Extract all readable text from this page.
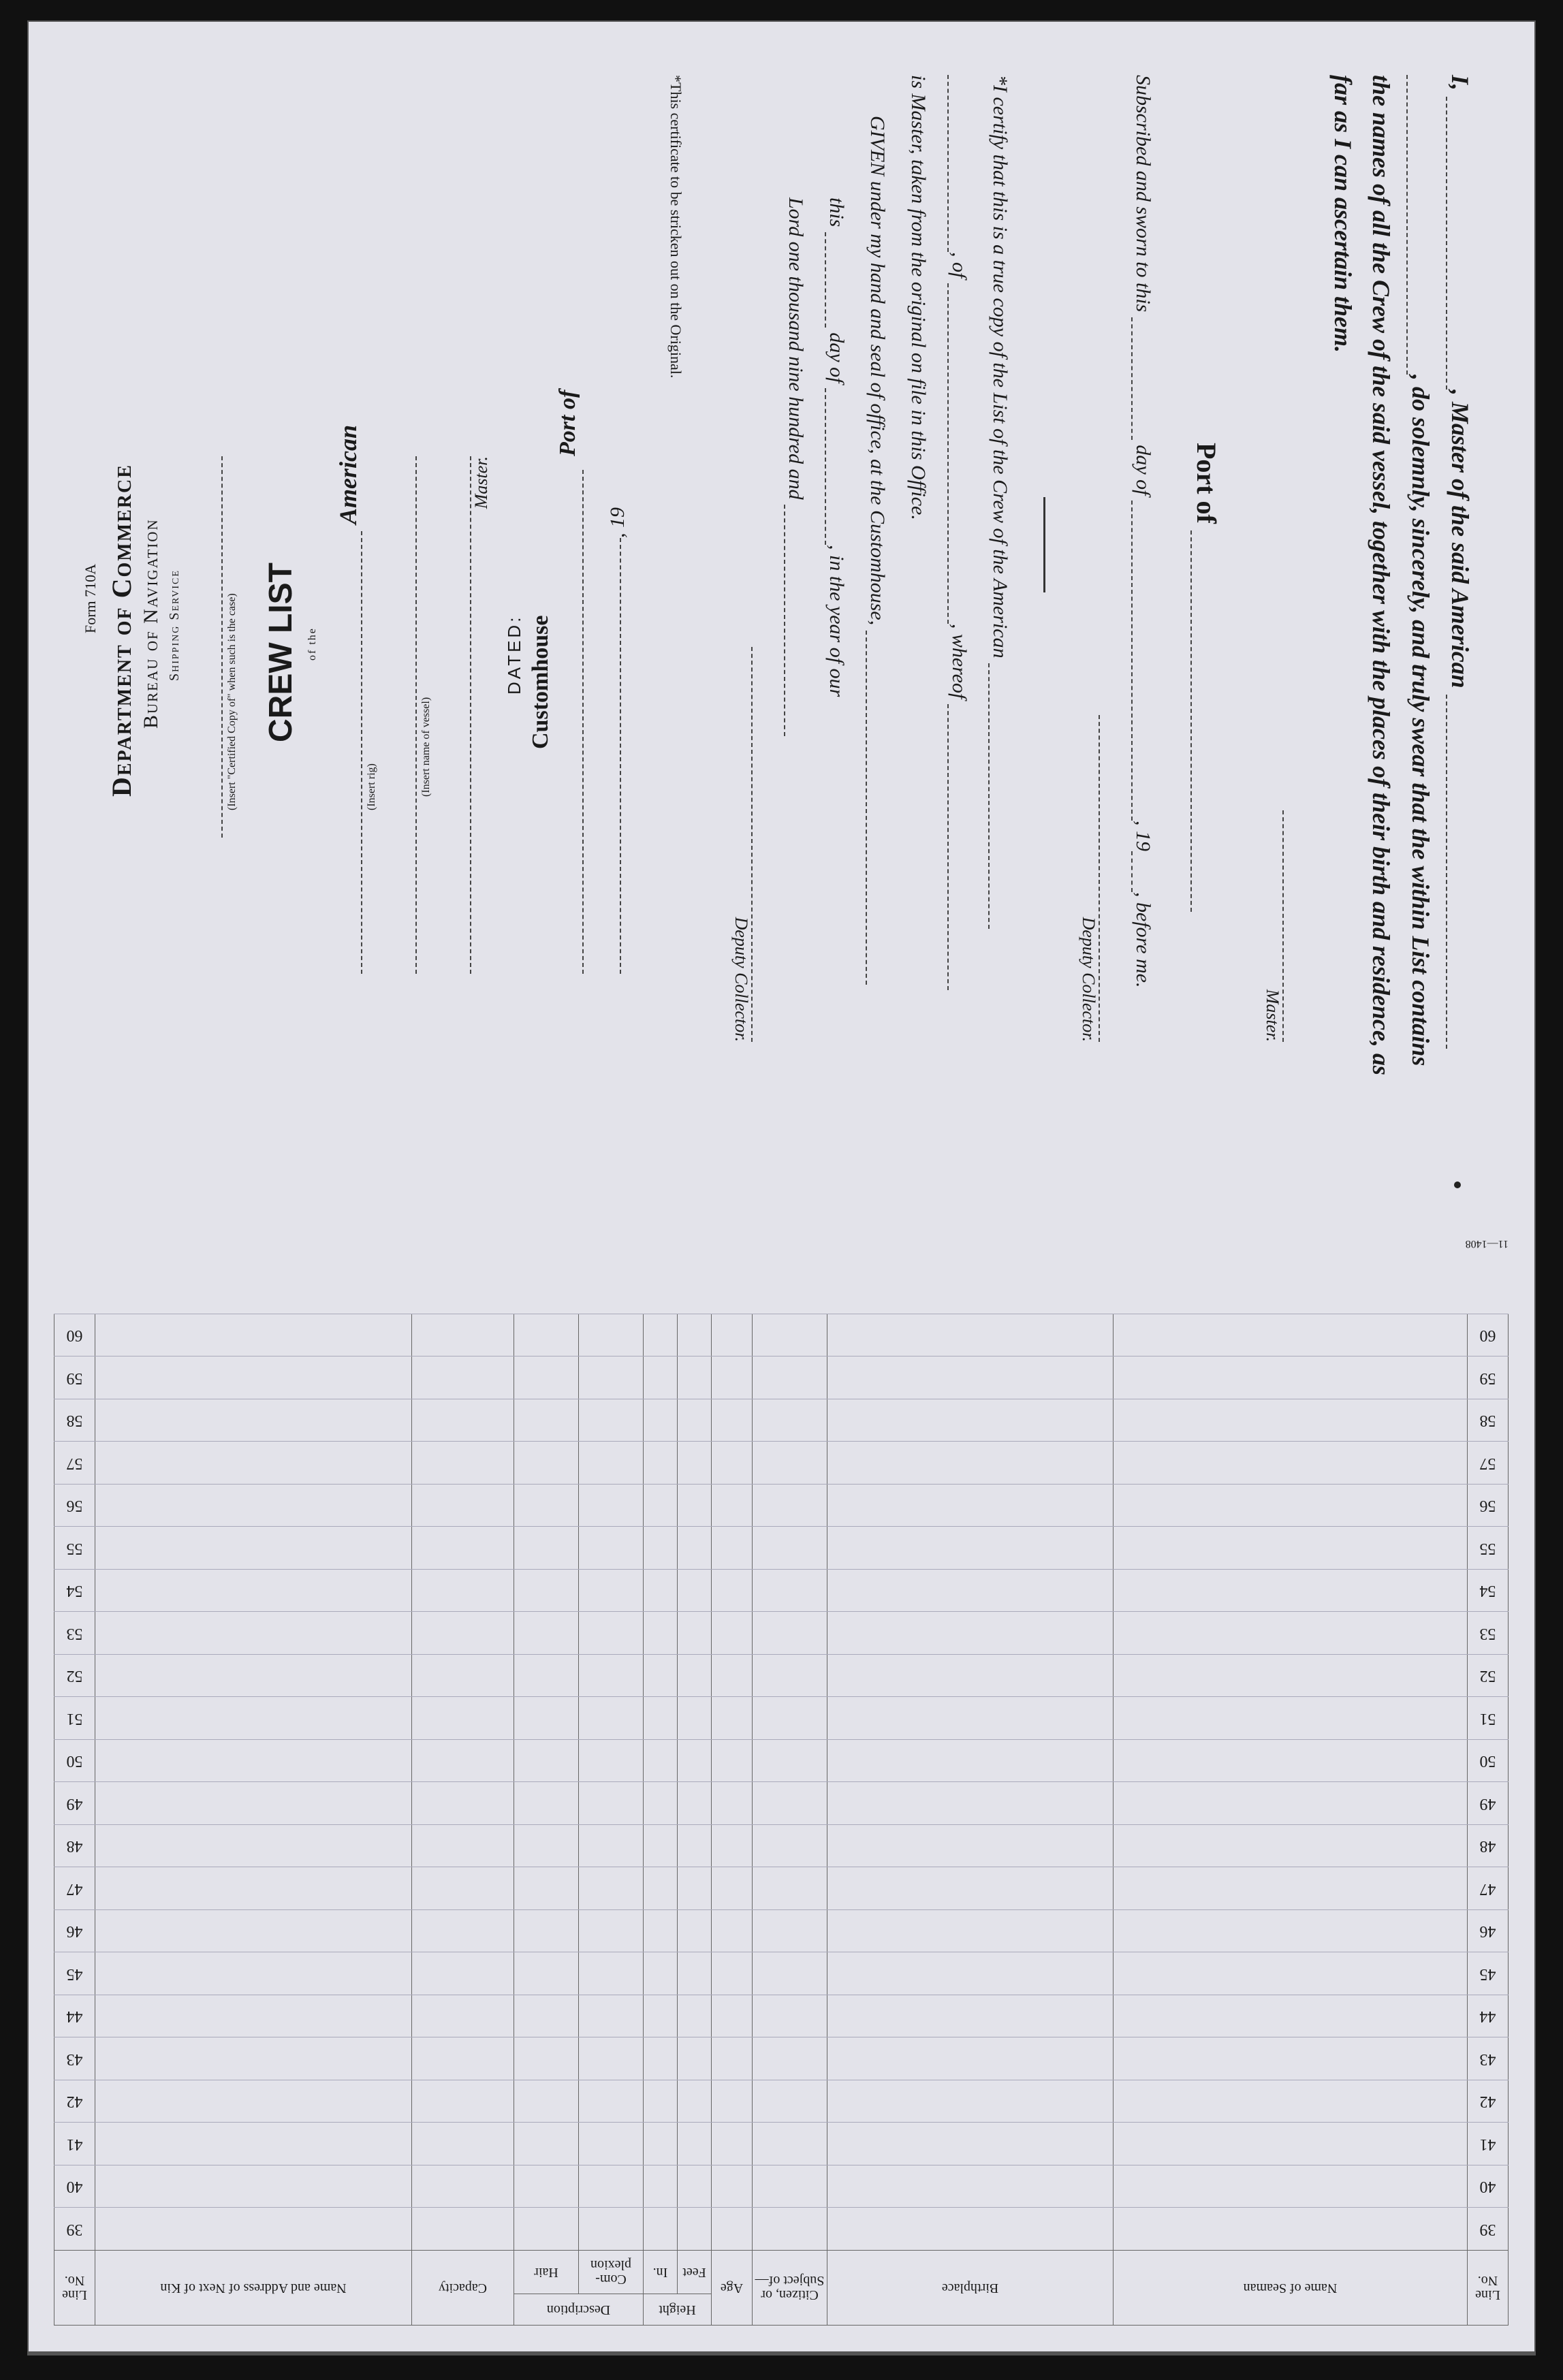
I, , Master of the said American
, do solemnly, sincerely, and truly swear that the within List contains
the names of all the Crew of the said vessel, together with the places of their birth and residence, as
far as I can ascertain them.
Master.
Port of
Subscribed and sworn to this  day of , 19, before me.
Deputy Collector.
*I certify that this is a true copy of the List of the Crew of the American
, of , whereof
is Master, taken from the original on file in this Office.
GIVEN under my hand and seal of office, at the Customhouse,
this  day of , in the year of our
Lord one thousand nine hundred and
Deputy Collector.
*This certificate to be stricken out on the Original.
Form 710A Department of Commerce Bureau of Navigation Shipping Service	(Insert "Certified Copy of" when such is the case) CREW LIST of the
American
(Insert rig)	(Insert name of vessel)
Master.
DATED: Customhouse
Port of
, 19
Line No.	Name of Seaman	Birthplace	Citizen, or Subject of—	Age	Height		Description		Capacity	Name and Address of Next of Kin	Line No.
					Feet	In.	Com-plexion	Hair			
39											39
40											40
41											41
42											42
43											43
44											44
45											45
46											46
47											47
48											48
49											49
50											50
51											51
52											52
53											53
54											54
55											55
56											56
57											57
58											58
59											59
60											60
11—1408
